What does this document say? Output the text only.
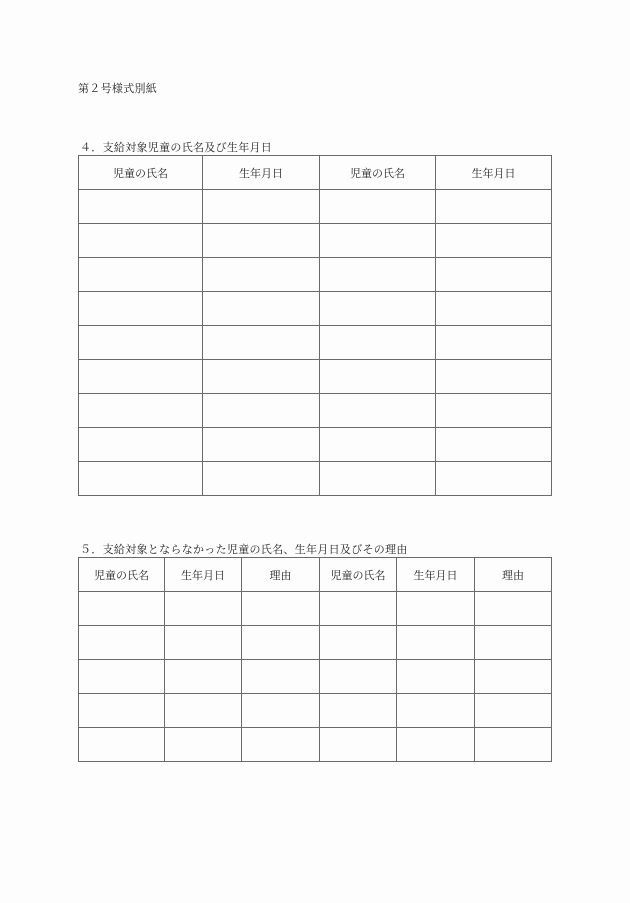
第２号様式別紙
４．支給対象児童の氏名及び生年月日
児童の氏名	生年月日	児童の氏名	生年月日

５．支給対象とならなかった児童の氏名、生年月日及びその理由
児童の氏名	生年月日	理由	児童の氏名	生年月日	理由
